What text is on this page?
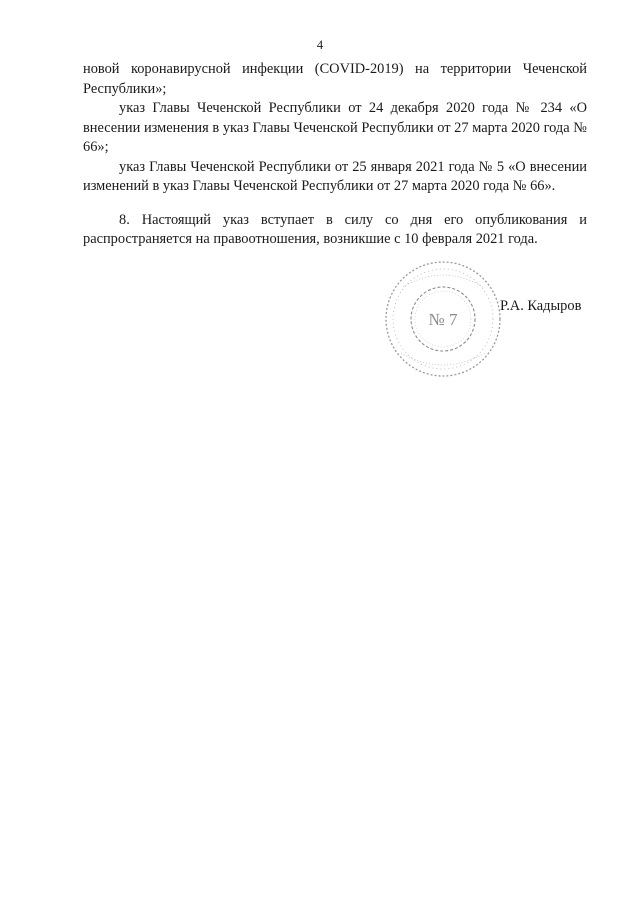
4

новой коронавирусной инфекции (COVID-2019) на территории Чеченской Республики»;

указ Главы Чеченской Республики от 24 декабря 2020 года № 234 «О внесении изменения в указ Главы Чеченской Республики от 27 марта 2020 года № 66»;

указ Главы Чеченской Республики от 25 января 2021 года № 5 «О внесении изменений в указ Главы Чеченской Республики от 27 марта 2020 года № 66».

8. Настоящий указ вступает в силу со дня его опубликования и распространяется на правоотношения, возникшие с 10 февраля 2021 года.

№ 7
Р.А. Кадыров
